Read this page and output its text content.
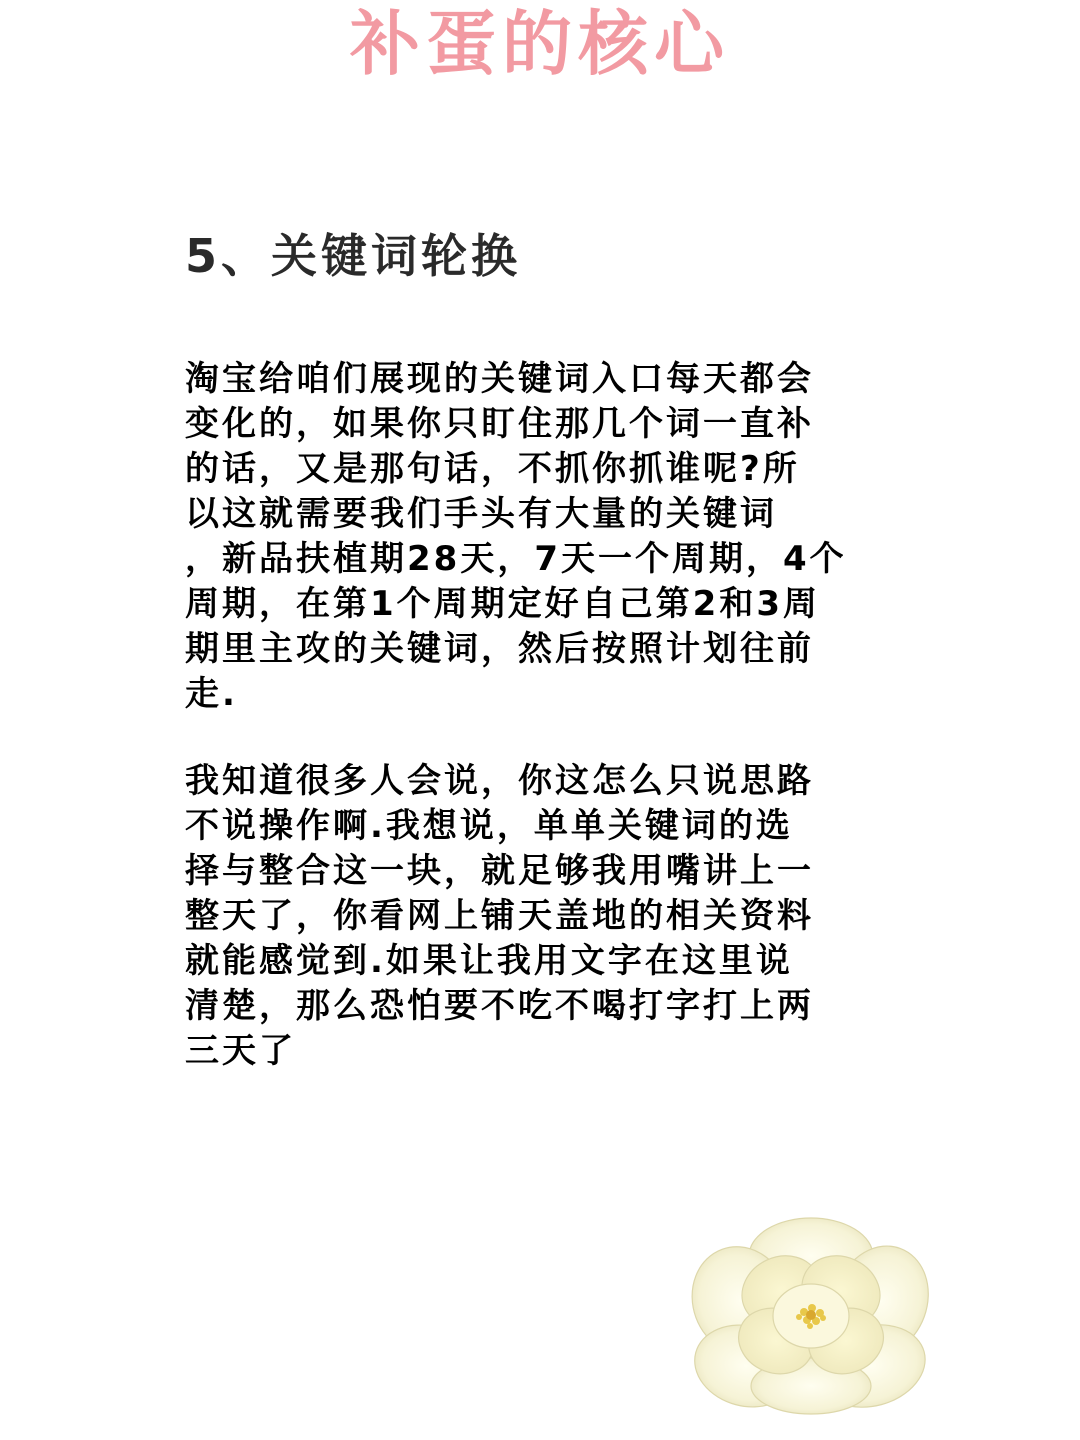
补蛋的核心
5、关键词轮换

淘宝给咱们展现的关键词入口每天都会
变化的，如果你只盯住那几个词一直补
的话，又是那句话，不抓你抓谁呢?所
以这就需要我们手头有大量的关键词
，新品扶植期28天，7天一个周期，4个
周期，在第1个周期定好自己第2和3周
期里主攻的关键词，然后按照计划往前
走.

我知道很多人会说，你这怎么只说思路
不说操作啊.我想说，单单关键词的选
择与整合这一块，就足够我用嘴讲上一
整天了，你看网上铺天盖地的相关资料
就能感觉到.如果让我用文字在这里说
清楚，那么恐怕要不吃不喝打字打上两
三天了
